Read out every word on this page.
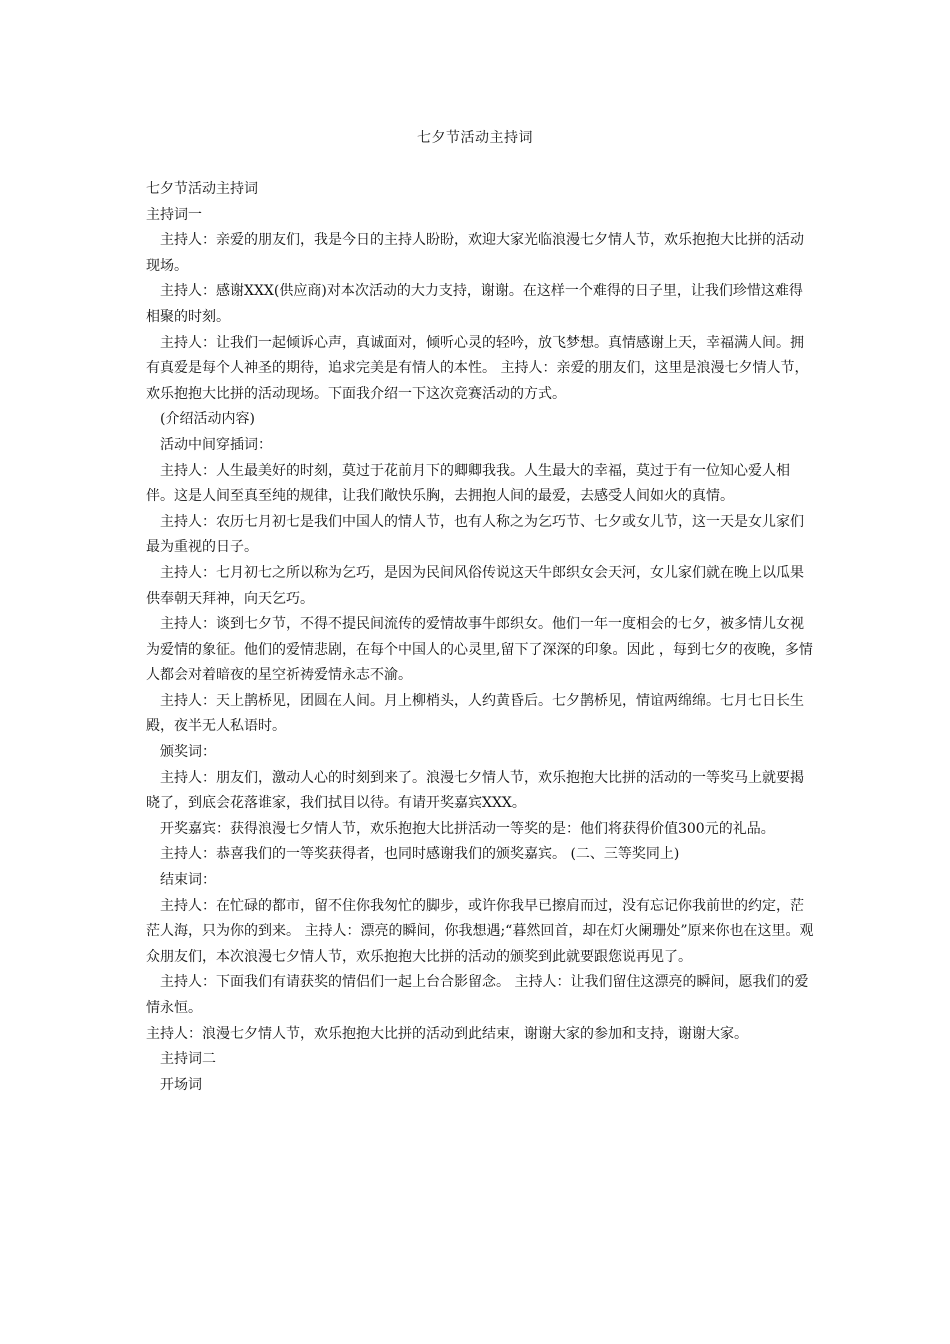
七夕节活动主持词

七夕节活动主持词

主持词一

主持人：亲爱的朋友们，我是今日的主持人盼盼，欢迎大家光临浪漫七夕情人节，欢乐抱抱大比拼的活动现场。

主持人：感谢XXX(供应商)对本次活动的大力支持，谢谢。在这样一个难得的日子里，让我们珍惜这难得相聚的时刻。

主持人：让我们一起倾诉心声，真诚面对，倾听心灵的轻吟，放飞梦想。真情感谢上天，幸福满人间。拥有真爱是每个人神圣的期待，追求完美是有情人的本性。 主持人：亲爱的朋友们，这里是浪漫七夕情人节，欢乐抱抱大比拼的活动现场。下面我介绍一下这次竞赛活动的方式。

(介绍活动内容)

活动中间穿插词：

主持人：人生最美好的时刻，莫过于花前月下的卿卿我我。人生最大的幸福，莫过于有一位知心爱人相伴。这是人间至真至纯的规律，让我们敞快乐胸，去拥抱人间的最爱，去感受人间如火的真情。

主持人：农历七月初七是我们中国人的情人节，也有人称之为乞巧节、七夕或女儿节，这一天是女儿家们最为重视的日子。

主持人：七月初七之所以称为乞巧，是因为民间风俗传说这天牛郎织女会天河，女儿家们就在晚上以瓜果供奉朝天拜神，向天乞巧。

主持人：谈到七夕节，不得不提民间流传的爱情故事牛郎织女。他们一年一度相会的七夕，被多情儿女视为爱情的象征。他们的爱情悲剧，在每个中国人的心灵里,留下了深深的印象。因此 ，每到七夕的夜晚，多情人都会对着暗夜的星空祈祷爱情永志不渝。

主持人：天上鹊桥见，团圆在人间。月上柳梢头，人约黄昏后。七夕鹊桥见，情谊两绵绵。七月七日长生殿，夜半无人私语时。

颁奖词：

主持人：朋友们，激动人心的时刻到来了。浪漫七夕情人节，欢乐抱抱大比拼的活动的一等奖马上就要揭晓了，到底会花落谁家，我们拭目以待。有请开奖嘉宾XXX。

开奖嘉宾：获得浪漫七夕情人节，欢乐抱抱大比拼活动一等奖的是：他们将获得价值300元的礼品。

主持人：恭喜我们的一等奖获得者，也同时感谢我们的颁奖嘉宾。 (二、三等奖同上)

结束词：

主持人：在忙碌的都市，留不住你我匆忙的脚步，或许你我早已擦肩而过，没有忘记你我前世的约定，茫茫人海，只为你的到来。 主持人：漂亮的瞬间，你我想遇;“暮然回首，却在灯火阑珊处”原来你也在这里。观众朋友们，本次浪漫七夕情人节，欢乐抱抱大比拼的活动的颁奖到此就要跟您说再见了。

主持人：下面我们有请获奖的情侣们一起上台合影留念。 主持人：让我们留住这漂亮的瞬间，愿我们的爱情永恒。

主持人：浪漫七夕情人节，欢乐抱抱大比拼的活动到此结束，谢谢大家的参加和支持，谢谢大家。

主持词二

开场词
